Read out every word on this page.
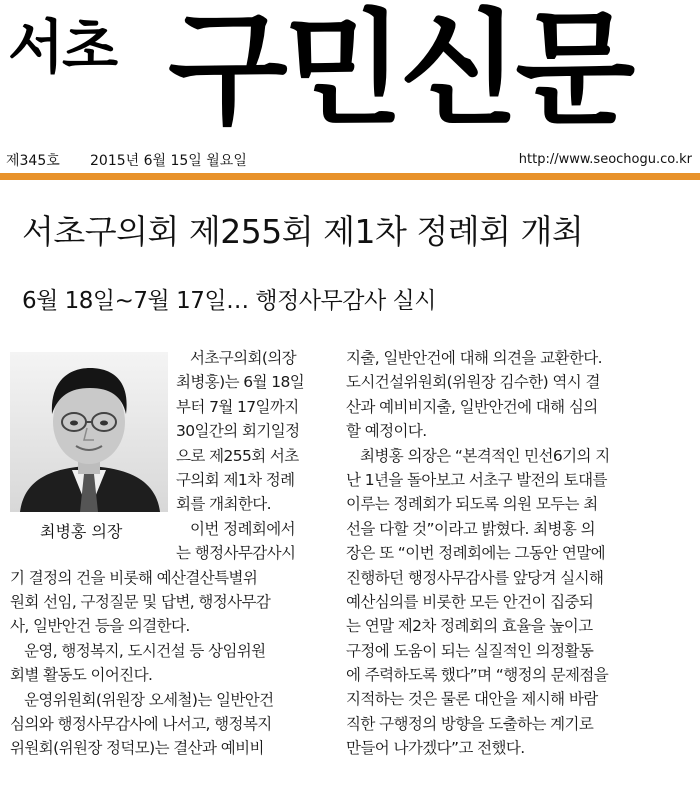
서초 구민신문
제345호 2015년 6월 15일 월요일	http://www.seochogu.co.kr
서초구의회 제255회 제1차 정례회 개최
6월 18일~7월 17일… 행정사무감사 실시
최병홍 의장
서초구의회(의장
최병홍)는 6월 18일
부터 7월 17일까지
30일간의 회기일정
으로 제255회 서초
구의회 제1차 정례
회를 개최한다.
이번 정례회에서
는 행정사무감사시
기 결정의 건을 비롯해 예산결산특별위
원회 선임, 구정질문 및 답변, 행정사무감
사, 일반안건 등을 의결한다.
운영, 행정복지, 도시건설 등 상임위원
회별 활동도 이어진다.
운영위원회(위원장 오세철)는 일반안건
심의와 행정사무감사에 나서고, 행정복지
위원회(위원장 정덕모)는 결산과 예비비
지출, 일반안건에 대해 의견을 교환한다.
도시건설위원회(위원장 김수한) 역시 결
산과 예비비지출, 일반안건에 대해 심의
할 예정이다.
최병홍 의장은 “본격적인 민선6기의 지
난 1년을 돌아보고 서초구 발전의 토대를
이루는 정례회가 되도록 의원 모두는 최
선을 다할 것”이라고 밝혔다. 최병홍 의
장은 또 “이번 정례회에는 그동안 연말에
진행하던 행정사무감사를 앞당겨 실시해
예산심의를 비롯한 모든 안건이 집중되
는 연말 제2차 정례회의 효율을 높이고
구정에 도움이 되는 실질적인 의정활동
에 주력하도록 했다”며 “행정의 문제점을
지적하는 것은 물론 대안을 제시해 바람
직한 구행정의 방향을 도출하는 계기로
만들어 나가겠다”고 전했다.
